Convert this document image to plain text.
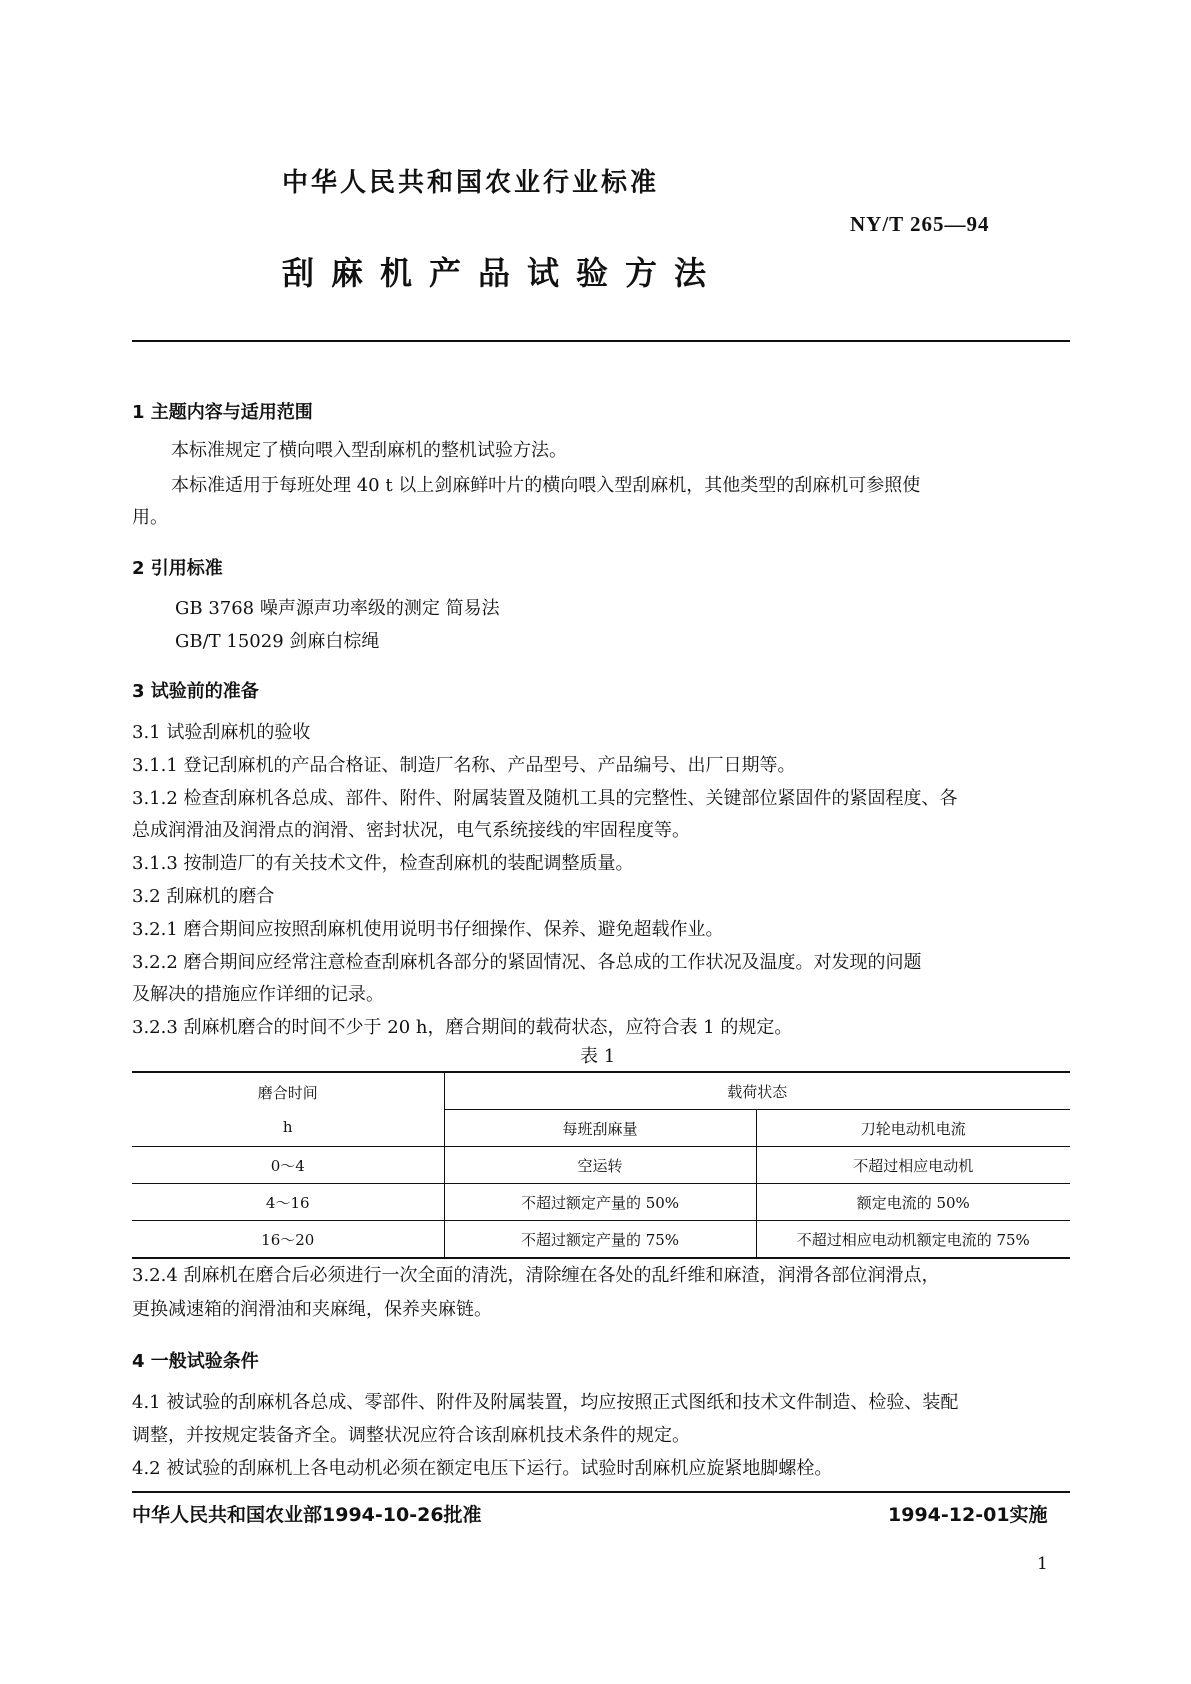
中华人民共和国农业行业标准
NY/T 265—94
刮麻机产品试验方法
1 主题内容与适用范围
本标准规定了横向喂入型刮麻机的整机试验方法。
本标准适用于每班处理 40 t 以上剑麻鲜叶片的横向喂入型刮麻机，其他类型的刮麻机可参照使
用。
2 引用标准
GB 3768 噪声源声功率级的测定 简易法
GB/T 15029 剑麻白棕绳
3 试验前的准备
3.1 试验刮麻机的验收
3.1.1 登记刮麻机的产品合格证、制造厂名称、产品型号、产品编号、出厂日期等。
3.1.2 检查刮麻机各总成、部件、附件、附属装置及随机工具的完整性、关键部位紧固件的紧固程度、各
总成润滑油及润滑点的润滑、密封状况，电气系统接线的牢固程度等。
3.1.3 按制造厂的有关技术文件，检查刮麻机的装配调整质量。
3.2 刮麻机的磨合
3.2.1 磨合期间应按照刮麻机使用说明书仔细操作、保养、避免超载作业。
3.2.2 磨合期间应经常注意检查刮麻机各部分的紧固情况、各总成的工作状况及温度。对发现的问题
及解决的措施应作详细的记录。
3.2.3 刮麻机磨合的时间不少于 20 h，磨合期间的载荷状态，应符合表 1 的规定。
表 1
磨合时间
h	载荷状态	
	每班刮麻量	刀轮电动机电流
0～4	空运转	不超过相应电动机
4～16	不超过额定产量的 50%	额定电流的 50%
16～20	不超过额定产量的 75%	不超过相应电动机额定电流的 75%
3.2.4 刮麻机在磨合后必须进行一次全面的清洗，清除缠在各处的乱纤维和麻渣，润滑各部位润滑点，
更换减速箱的润滑油和夹麻绳，保养夹麻链。
4 一般试验条件
4.1 被试验的刮麻机各总成、零部件、附件及附属装置，均应按照正式图纸和技术文件制造、检验、装配
调整，并按规定装备齐全。调整状况应符合该刮麻机技术条件的规定。
4.2 被试验的刮麻机上各电动机必须在额定电压下运行。试验时刮麻机应旋紧地脚螺栓。
中华人民共和国农业部1994-10-26批准	1994-12-01实施
1
